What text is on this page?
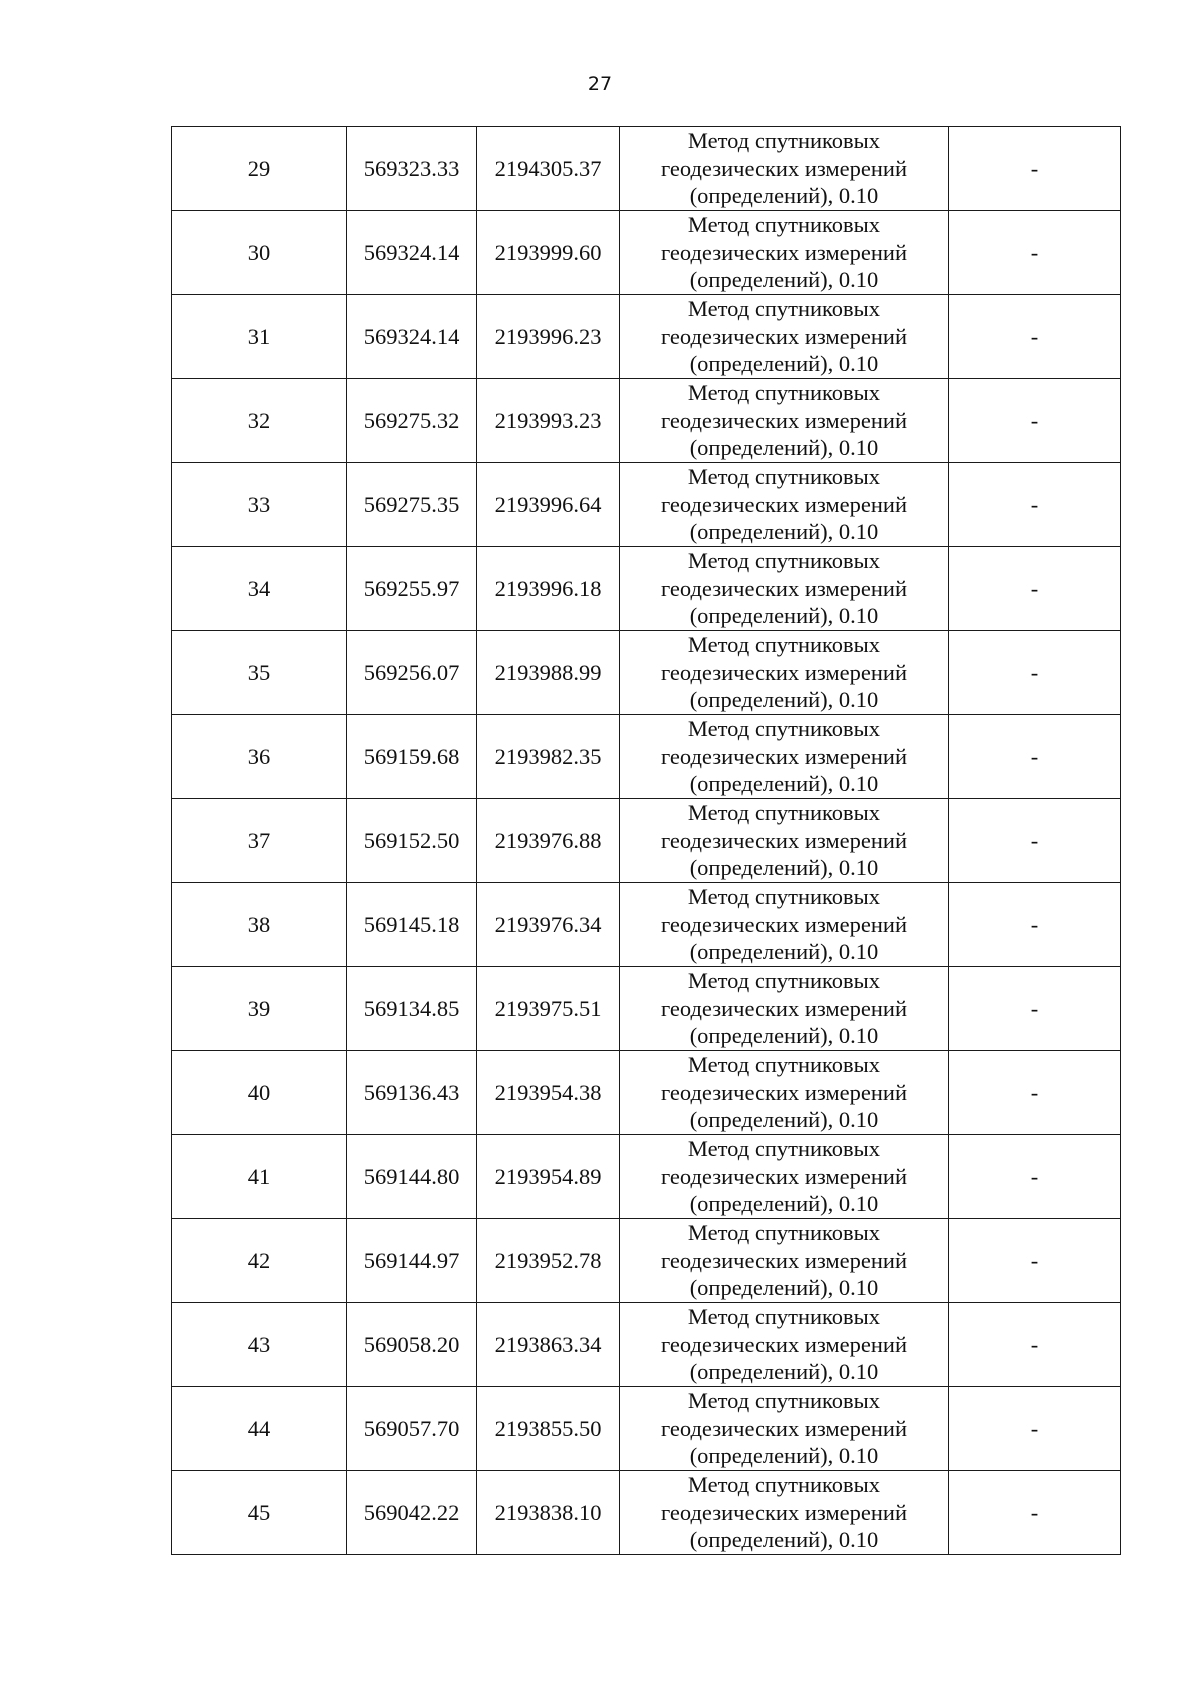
27
29	569323.33	2194305.37	Метод спутниковых
геодезических измерений
(определений), 0.10	-
30	569324.14	2193999.60	Метод спутниковых
геодезических измерений
(определений), 0.10	-
31	569324.14	2193996.23	Метод спутниковых
геодезических измерений
(определений), 0.10	-
32	569275.32	2193993.23	Метод спутниковых
геодезических измерений
(определений), 0.10	-
33	569275.35	2193996.64	Метод спутниковых
геодезических измерений
(определений), 0.10	-
34	569255.97	2193996.18	Метод спутниковых
геодезических измерений
(определений), 0.10	-
35	569256.07	2193988.99	Метод спутниковых
геодезических измерений
(определений), 0.10	-
36	569159.68	2193982.35	Метод спутниковых
геодезических измерений
(определений), 0.10	-
37	569152.50	2193976.88	Метод спутниковых
геодезических измерений
(определений), 0.10	-
38	569145.18	2193976.34	Метод спутниковых
геодезических измерений
(определений), 0.10	-
39	569134.85	2193975.51	Метод спутниковых
геодезических измерений
(определений), 0.10	-
40	569136.43	2193954.38	Метод спутниковых
геодезических измерений
(определений), 0.10	-
41	569144.80	2193954.89	Метод спутниковых
геодезических измерений
(определений), 0.10	-
42	569144.97	2193952.78	Метод спутниковых
геодезических измерений
(определений), 0.10	-
43	569058.20	2193863.34	Метод спутниковых
геодезических измерений
(определений), 0.10	-
44	569057.70	2193855.50	Метод спутниковых
геодезических измерений
(определений), 0.10	-
45	569042.22	2193838.10	Метод спутниковых
геодезических измерений
(определений), 0.10	-
